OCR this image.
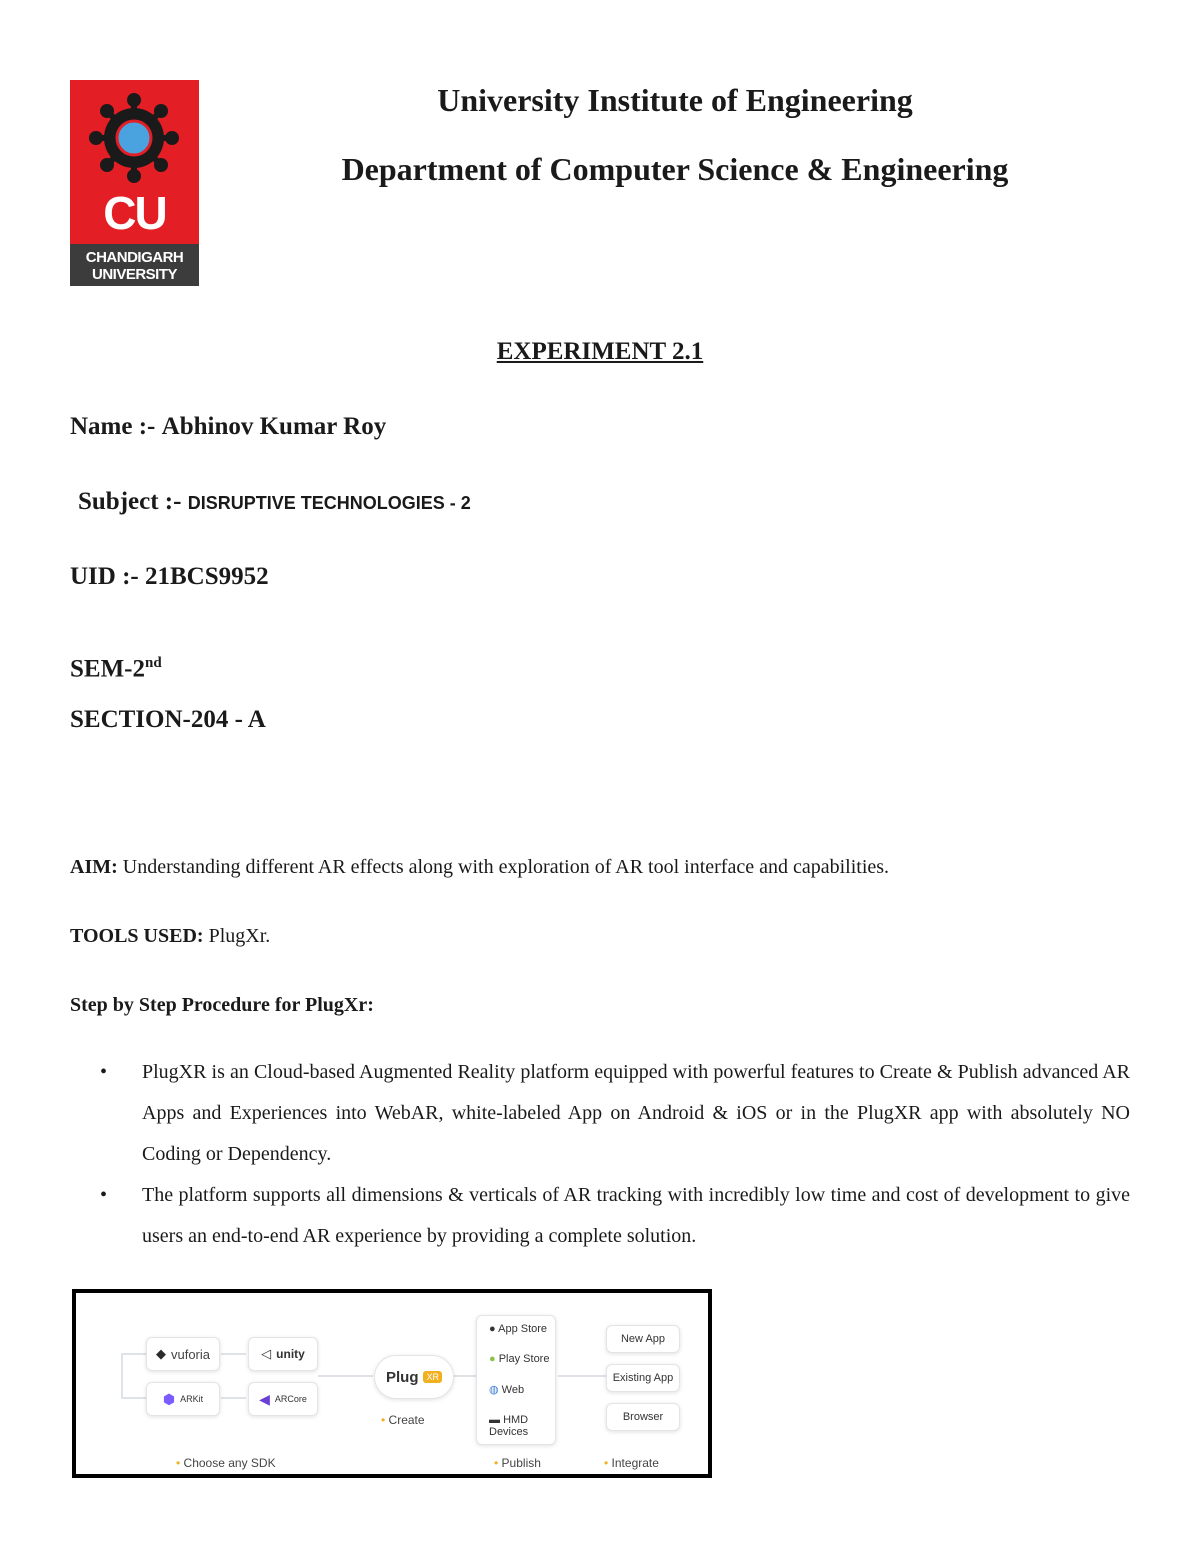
CU
CHANDIGARH
UNIVERSITY
University Institute of Engineering
Department of Computer Science & Engineering
EXPERIMENT 2.1
Name :- Abhinov Kumar Roy
Subject :- DISRUPTIVE TECHNOLOGIES - 2
UID :- 21BCS9952
SEM-2nd
SECTION-204 - A
AIM: Understanding different AR effects along with exploration of AR tool interface and capabilities.
TOOLS USED: PlugXr.
Step by Step Procedure for PlugXr:
•	PlugXR is an Cloud-based Augmented Reality platform equipped with powerful features to Create & Publish advanced AR Apps and Experiences into WebAR, white-labeled App on Android & iOS or in the PlugXR app with absolutely NO Coding or Dependency.
•	The platform supports all dimensions & verticals of AR tracking with incredibly low time and cost of development to give users an end-to-end AR experience by providing a complete solution.
◆ vuforia	◁ unity
⬢ ARKit	◀ ARCore
Plug XR
• Create
● App Store
● Play Store
◍ Web
▬ HMD Devices
New App
Existing App
Browser
• Choose any SDK	• Publish	• Integrate
